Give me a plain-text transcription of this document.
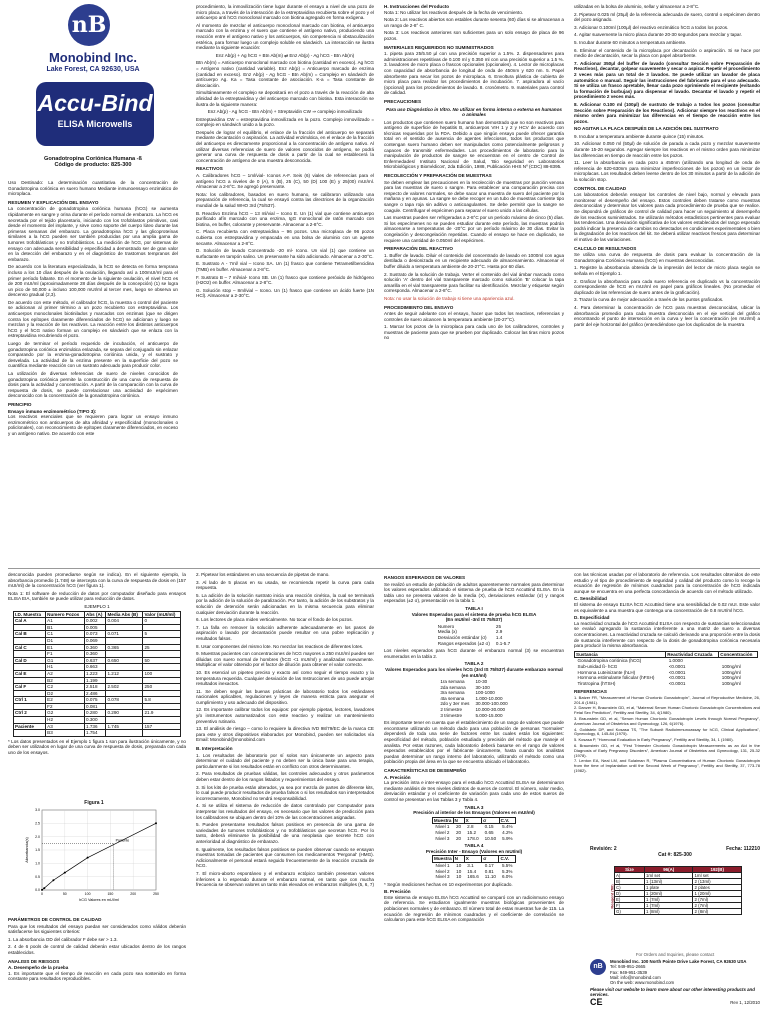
nB
Monobind Inc.
Lake Forest, CA 92630, USA
Accu-Bind
ELISA Microwells
Gonadotropina Coriónica Humana -ß
Código de producto: 825-300

Uso Destinado: La determinación cuantitativa de la concentración de Gonadotropina coriónica en suero humano Mediante inmunoensayo enzimático de microplaca.

RESUMEN Y EXPLICACIÓN DEL ENSAYO

La concentración de gonadotropina coriónica humana (hCG) se aumenta rápidamente en sangre y orina durante el período normal de embarazo. La hCG es secretada por el tejido placentario, iniciando con los trofoblastos primitivos, casi desde el momento del implante, y sirve como soporte del cuerpo lúteo durante las primeras semanas del embarazo. La gonadotropina hCG y las glicoproteínas similares a la hCG pueden ser también producidas por una amplia gama de tumores trofoblásticos y no trofoblásticos. La medición de hCG, por sistemas de ensayo con adecuada sensibilidad y especificidad a demostrado ser de gran valor en la detección del embarazo y en el diagnóstico de trastornos tempranos del embarazo.

De acuerdo con la literatura especializada, la hCG se detecta en forma temprana incluso a los 10 días después de la ovulación, llegando así a 100mUI/ml para el primer período faltante. En el momento de la siguiente ovulación, el nivel hCG es de 200 mUI/ml (aproximadamente 28 días después de la concepción) (1) se logra un pico de 50,000 ± incluso 100,000 mUI/ml al tercer mes, luego se observa un descenso gradual (2,3).

De acuerdo con este método, el calibrador hCG, la muestra o control del paciente se adicionan al primer término a un pozo recubierto con estreptavidina. Los anticuerpos monoclonales biotinilados y marcados con enzimas (que se dirigen contra los epítopes claramente diferenciados de hCG) se adicionan y luego se mezclan y la reacción de los reactivos. La reacción entre los distintos anticuerpos hCG y el hCG nativo forman un complejo en sándwich que se enlaza con la estreptavidina recubriendo el pozo.

Luego de terminar el período requerido de incubación, el anticuerpo de gonadotropina coriónica enzimática enlazada, se separa del conjugado sin enlazar comparando por la enzima-gonadotropina coriónica unida, y el sustrato y desvelada. La actividad de la enzima presente en la superficie del pozo se cuantifica mediante reacción con un sustrato adecuado para producir color.

La utilización de diversas referencias de suero de niveles conocidos de gonadotropina coriónica permite la construcción de una curva de respuesta de dosis para la actividad y concentración. A partir de la comparación con la curva de respuesta de dosis, se puede correlacionar una actividad de espécimen desconocido con la concentración de la gonadotropina coriónica.

PRINCIPIO
Ensayo inmuno enzimométrico (TIPO 3):

Los reactivos esenciales que se requieren para lograr un ensayo inmuno enzimométrico son anticuerpos de alta afinidad y especificidad (monoclonales o policlonales), con reconocimiento de epítopes claramente diferenciados, en exceso y un antígeno nativo. De acuerdo con este

procedimiento, la inmovilización tiene lugar durante el ensayo a nivel de una pozo de micro placa, a través de la interacción de la estreptavidina recubierta sobre el pozo y el anticuerpo anti hCG monoclonal marcado con biotina agregado en forma exógena.

Al momento de mezclar el anticuerpo monoclonal marcado con biotina, el anticuerpo marcado con la enzima y el suero que contiene el antígeno nativo, produciendo una reacción entre el antígeno nativo y los anticuerpos, sin competencia ni obstaculización estérica, para formar luego un complejo soluble en sándwich. La interacción se ilustra mediante la siguiente ecuación:

Enz Ab(p) + Ag hCG + Btn Ab(m) ⇄ Enz Ab(p) - Ag hCG - Btn Ab(m)

Btn Ab(m) = Anticuerpo monoclonal marcado con biotina (cantidad en exceso). Ag hCG = Antígeno nativo (cantidad variable). Enz Ab(p) = Anticuerpo marcado de enzima (cantidad en exceso). Enz Ab(p) - Ag hCG - Btn Ab(m) = Complejo en sándwich de antícuerpo Ag. Ka = Tasa constante de asociación. K-a = Tasa constante de disociación.

Simultáneamente el complejo se depositará en el pozo a través de la reacción de alta afinidad de la estreptavidina y del anticuerpo marcado con biotina. Esta interacción se ilustra de la siguiente manera:

Enz Ab(p) - Ag hCG - Btn Ab(m) + Streptavidin CW ⇒ complejo inmovilizado

Estreptavidina CW = estreptavidina inmovilizada en la pozo. Complejo inmovilizado = complejo en sándwich unido a la pozo.

Después de lograr el equilibrio, el enlace de la fracción del anticuerpo se separará mediante decantación o aspiración. La actividad enzimática, en el enlace de la fracción del anticuerpo es directamente proporcional a la concentración de antígeno nativo. Al utilizar diversas referencias de suero de valores conocidos de antígeno, se podrá generar una curva de respuesta de dosis a partir de la cual se establecerá la concentración de antígeno de una muestra desconocida.

REACTIVOS

A. Calibradores hCG – 1ml/vial- Iconos A-F. Seis (6) viales de referencias para el antígeno hCG a niveles de 0 (A), 5 (B), 25 (C), 50 (D) 100 (E) y 25(00) mUI/ml. Almacenar a 2-8°C. Se agregó preservante.

Nota: los calibradores, basados en suero humano, se calibraron utilizando una preparación de referencia, la cual se ensayó contra las directrices de la organización mundial de la salud WHO 3rd (75/537).

B. Reactivo Enzima hCG – 13 ml/vial – Icono E. Un (1) vial que contiene anticuerpo purificado afín marcado con una enzima, IgG monoclonal de ratón marcado con biotina, en buffer, colorante y preservante. Almacenar a 2-8°C.

C. Placa recubierta con estreptavidina – 96 pozos. Una microplaca de 96 pozos cubierta con estreptavidina y empacada en una bolsa de aluminio con un agente secante. Almacenar a 2-8°C.

D. Solución de lavado Concentrado -20 ml- Icono. Un vial (1) que contiene un surfactante en tampón salino. Un preservante ha sido adicionado. Almacenar a 2-30°C.

E. Sustrato A - 7ml/ vial – Icono SA. Un (1) frasco que contiene Tetrametilbencidina (TMB) en buffer. Almacenar a 2-8°C.

F. Sustrato B – 7 ml/vial- Icono SB. Un (1) frasco que contiene peróxido de hidrógeno (H2O2) en buffer. Almacenar a 2-8°C.

G. Solución stop – 8ml/vial – Icono. Un (1) frasco que contiene un ácido fuerte (1N HCl). Almacenar a 2-30°C.

H. Instrucciones del Producto

Nota 1: No utilizar los reactivos después de la fecha de vencimiento.

Nota 2: Los reactivos abiertos son estables durante sesenta (60) días si se almacenan a un rango de 2-8° C.

Nota 3: Los reactivos anteriores son suficientes para un solo ensayo de placa de 96 pozos.

MATERIALES REQUERIDOS NO SUMINISTRADOS

1. pipeta para 25/5.50 µl con una precisión superior a 1.5%. 2. dispensadores para administraciones repetitivas de 0.100 ml y 0.350 ml con una precisión superior a 1.5 %. 3. lavadores de micro placa o frascos opcionales (opcionales). 4. Lector de microplacas con capacidad de absorbancia de longitud de onda de 450nm y 620 nm. 5. Papel absorbente para secar los pozos de microplaca. 6. Envoltura plástica de cubierta de micro placa para realizar los procedimientos de incubación. 7. aspiradora al vacío (opcional) para los procedimientos de lavado. 8. cronómetro. 9. materiales para control de calidad.

PRECAUCIONES
Para uso Diagnóstico in Vitro. No utilizar en forma interna o externa en humanos o animales

Los productos que contienen suero humano han demostrado que no son reactivos para antígeno de superficie de hepatitis B, anticuerpos VIH 1 y 2 y HCV de acuerdo con técnicas requeridas por la FDA. Debido a que ningún ensayo puede ofrecer garantía total en el sentido de ausencia de agentes infecciosos, todos los productos que contengan suero humano deben ser manipulados como potencialmente peligrosos y capaces de transmitir enfermedades. Los procedimientos de laboratorio para la manipulación de productos de sangre se encuentran en el centro de Control de Enfermedades/ Instituto Nacional de Salud, 'Bio seguridad en Laboratorios Microbiológicos y Biomédicos', 2da Edición, 1988, Publicación HHS Nº (CDC) 88-8395.

RECOLECCIÓN Y PREPARACIÓN DE MUESTRAS

Se deben emplear las precauciones en la recolección de muestras por punción venosa para las muestras de suero o sangre. Para establecer una comparación precisa con respecto de valores normales, se debe sacar una muestra de suero del paciente por la mañana y en ayunas. La sangre se debe recoger en un tubo de muestras corriente tipo sangre o tapa roja sin aditivo o anticoagulantes. Se debe permitir que la sangre se coagule. Centrifugar el espécimen para separar el suero unido a las células.

Las muestras pueden ser refrigeradas a 2-8°C por un período máximo de cinco (5) días. Si los especímenes no se pueden estudiar durante este período, las muestras podrán almacenarse a temperaturas de -20°C por un período máximo de 30 días. Evitar la congelación y descongelación repetidas. Cuando el ensayo se hace en duplicado, se requiere una cantidad de 0.050ml del espécimen.

PREPARACIÓN DEL REACTIVO

1. Buffer de lavado. Diluir el contenido del concentrado de lavado en 1000ml con agua destilada o desionizada en un recipiente adecuado de almacenamiento. Almacenar el buffer diluido a temperatura ambiente de 20-27°C. Hasta por 60 días.

2. Sustrato de la solución de trabajo. Verter el contenido del vial ámbar marcado como solución 'A' dentro del vial transparente marcado como solución 'B' colocar la tapa amarilla en el vial transparente para facilitar su identificación. Mezclar y etiquetar según corresponda. Almacenar a 2-8°C.

Nota: no usar la solución de trabajo si tiene una apariencia azul.

PROCEDIMIENTO DEL ENSAYO

Antes de seguir adelante con el ensayo, hacer que todos los reactivos, referencias y controles de suero alcancen la temperatura ambiente (20-27°C).

1. Marcar los pozos de la microplaca para cada uno de los calibradores, controles y muestras de paciente para que se prueben por duplicado. Colocar las tiras micro pozos no

utilizadas en la bolsa de aluminio, sellar y almacenar a 2-8°C.

2. Pipetear 0.025 ml (25µl) de la referencia adecuada de suero, control o espécimen dentro del pozo asignado.

3. Adicionar 0.100ml (100µl) del reactivo enzimático hCG a todos los pozos.

4. Agitar suavemente la micro placa durante 20-30 segundos para mezclar y tapar.

5. Incubar durante 60 minutos a temperatura ambiente.

6. Eliminar el contenido de la microplaca por decantación o aspiración. Si se hace por medio de decantación, secar la placa con papel absorbente.

7. Adicionar 350µl del buffer de lavado (consultar Sección sobre Preparación de Reactivos), decantar, golpear suavemente y secar o aspirar. Repetir el procedimiento 2 veces más para un total de 3 lavados. Se puede utilizar un lavador de placa automático o manual. Seguir las instrucciones del fabricante para el uso adecuado. Si se utiliza un frasco apretable, llenar cada pozo oprimiendo el recipiente (evitando la formación de burbujas) para dispensar el lavado. Decantar el lavado y repetir el procedimiento 2 veces más.

8. Adicionar 0.100 ml (100µl) de sustrato de trabajo a todos los pozos (consultar Sección sobre Preparación de los Reactivos). Adicionar siempre los reactivos en el mismo orden para minimizar las diferencias en el tiempo de reacción entre los pozos.

NO AGITAR LA PLACA DESPUÉS DE LA ADICIÓN DEL SUSTRATO

9. Incubar a temperatura ambiente durante quince (15) minutos.

10. Adicionar 0.050 ml (50µl) de solución de parada a cada pozo y mezclar suavemente durante 15-20 segundos. Agregar siempre los reactivos en el mismo orden para minimizar las diferencias en tiempo de reacción entre los pozos.

11. Leer la absorbancia en cada pozo a 450nm (utilizando una longitud de onda de referencia de 620-630nm para minimizar imperfecciones de los pozos) en un lector de microplacas. Los resultados deben leerse dentro de los 30 minutos a partir de la adición de la solución stop.

CONTROL DE CALIDAD

Los laboratorios deberán ensayar los controles de nivel bajo, normal y elevado para monitorear el desempeño del ensayo. Estos controles deben tratarse como muestras desconocidas y determinar los valores para cada procedimiento de prueba que se realice. Se dispondrá de gráficos de control de calidad para hacer un seguimiento al desempeño de los reactivos suministrados. Se utilizarán métodos estadísticos pertinentes para evaluar las tendencias. Una desviación significativa de los valores establecidos del rango esperado podrá indicar la presencia de cambios no detectados en condiciones experimentales o bien la degradación de los reactivos del kit. Se deberá utilizar reactivos frescos para determinar el motivo de las variaciones.

CALCULO DE RESULTADOS

Se utiliza una curva de respuesta de dosis para evaluar la concentración de la Gonadotropina Coriónica Humana (hCG) en muestras desconocidas.

1. Registre la absorbancia obtenida de la impresión del lector de micro placa según se señala en el Ejemplo 1.

2. Graficar la absorbancia para cada suero referencia en duplicado vs la concentración correspondiente de hCG en mUI/ml en papel para gráficos lineales. (No promediar el duplicado de las referencias de suero antes de la graficación).

3. Trazar la curva de mejor adecuación a través de los puntos graficados.

4. Para determinar la concentración de hCG para muestras desconocidas, ubicar la absorbancia promedio para cada muestra desconocida en el eje vertical del gráfico encontrando el punto de intersección en la curva y leer la concentración (en mUI/ml) a partir del eje horizontal del gráfico (entendiéndose que los duplicados de la muestra

desconocida pueden promediarse según se indica). En el siguiente ejemplo, la absorbancia promedio (1.748) se intercepta con la curva de respuesta de dosis en (157 mUI/ml) de la concentración hCG (ver figura 1).

Nota 1: El software de reducción de datos por computador diseñado para ensayos ELISA EIA, también se puede utilizar para reducción de datos.

EJEMPLO 1
I.D. Muestra	Numero Pozos	Abs (A)	Media Abs (B)	Valor (mUI/ml)
Cal A	A1	0.002	0.004	0
	B1	0.005		
Cal B	C1	0.073	0.071	5
	D1	0.069		
Cal C	E1	0.360	0.365	25
	F1	0.360		
Cal D	G1	0.637	0.650	50
	H1	0.663		
Cal E	A2	1.223	1.212	100
	B2	1.199		
Cal F	C2	2.518	2.502	250
	D2	2.486		
Ctrl 1	E2	0.075	0.078	5.8
	F2	0.081		
Ctrl 2	G2	0.280	0.290	21.9
	H2	0.300		
Paciente	A3	1.736	1.745	157
	B3	1.754		

* Los datos presentados en el Ejemplo 1 figura 1 son para ilustración únicamente, y no deben ser utilizados en lugar de una curva de respuesta de dosis, preparada con cada uno de los ensayos.

Figura 1
0.0
0.5
1.0
1.5
2.0
2.5
3.0
0	50	100	150	200	250
Paciente
hCG Valores en mUI/ml
Absorbancia(s)
PARÁMETROS DE CONTROL DE CALIDAD

Para que los resultados del ensayo puedan ser considerados como válidos deberán satisfacerse los siguientes criterios:

1. La absorbancia OD del calibrador F debe ser > 1.3.

2. 4 de 6 pools de control de calidad deberán estar ubicados dentro de los rangos establecidos.

ANALISIS DE RIESGOS
A. Desempeño de la prueba

1. Es importante que el tiempo de reacción en cada pozo sea sostenido en forma constante para resultados reproducibles.

2. Pipetear los estándares en una secuencia de pipetas de mano.

3. Al lado de 5 placas en su usada, se recomienda repetir la curva para cada respuesta.

5. La adición de la solución sustrato inicia una reacción cinética, la cual se terminará por la adición de la solución de paralización. Por tanto, la adición de los substratos y la solución de detención serán adicionadas en la misma secuencia para eliminar cualquier desviación durante la reacción.

6. Los lectores de placa miden verticalmente. No tocar el fondo de los pozos.

7. La falla en remover la solución adherente adecuadamente en los pasos de aspiración o lavado por decantación puede resultar en una pobre replicación y resultados falsos.

8. Usar componentes del mismo lote. No mezclar los reactivos de diferentes lotes.

9. Muestras pacientes con concentraciones de hCG mayores a 250 mUI/ml pueden ser diluidas con suero normal de hombres (hCG <1 mUI/ml) y analizadas nuevamente. Multiplicar el valor obtenido por el factor de dilución para obtener el valor correcto.

10. Es esencial un pipeteo preciso y exacto así como seguir el tiempo exacto y la temperatura requerida. Cualquier desviación de las Instrucciones de uso puede arrojar resultados inexactos.

11. Se deben seguir las buenas prácticas de laboratorio todos los estándares nacionales aplicables, regulaciones y leyes de manera estricta para asegurar el cumplimiento y uso adecuado del dispositivo.

12. Es importante calibrar todos los equipos: por ejemplo pipetas, lectores, lavadores y/o instrumentos automatizados con este reactivo y realizar un mantenimiento preventivo rutinario.

13. El análisis de riesgo – como lo requiere la directiva IVD 98/79/EC de la marca CE para este y otros dispositivos elaborados por Monobind, pueden ser solicitados vía Email: Monobind@monobind.com

B. Interpretación

1. Los resultados de laboratorio por sí solos son únicamente un aspecto para determinar el cuidado del paciente y no deben ser la única base para una terapia, particularmente si los resultados están en conflicto con otros determinantes.

2. Para resultados de pruebas válidas, los controles adecuados y otros parámetros deben estar dentro de los rangos listados y requerimientos del ensayo.

3. Si los kits de prueba están alterados, ya sea por mezcla de partes de diferente kits, lo cual puede producir resultados de prueba falsos o si los resultados son interpretados incorrectamente, Monobind no tendrá responsabilidad.

4. Si se utiliza el sistema de reducción de datos controlado por Computador para interpretar los resultados del ensayo, es necesario que los valores de predicción para los calibradores se ubiquen dentro del 10% de las concentraciones asignadas.

5. Pueden presentarse resultados falsos positivos en presencia de una gama de variedades de tumores trofoblásticos y no trofoblásticos que secretan hCG. Por lo tanto, deberá eliminarse la posibilidad de una neoplasia que secrete hCG con anterioridad al diagnóstico de embarazo.

6. Igualmente, los resultados falsos positivos se pueden observar cuando se ensayan muestras tomadas de pacientes que consumen los medicamentos 'Pergonal' (HMG). Adicionalmente el personal estará seguido frecuentemente de la reacción cruzada de hCG.

7. El micro-aborto espontáneo y el embarazo ectópico también presentan valores inferiores a lo esperado durante el embarazo normal, en tanto que con mucha frecuencia se observan valores un tanto más elevados en embarazos múltiples (5, 6, 7)

RANGOS ESPERADOS DE VALORES

Se realizó un estudio de población de adultos aparentemente normales para determinar los valores esperados utilizando el sistema de prueba de hCG AccuBind ELISA. En la tabla uno se presenta valores de la media (X), desviaciones estándar (σ) y rangos esperados (±2 σ), presentación en la tabla 1.

TABLA I
Valores Esperados para el sistema de prueba hCG ELISA
(En mUI/ml -3rd IS 75/537)
Numero	25
Media (x)	2.9
Desviación estándar (σ)	1.4
Rangos esperados (±2 σ)	0.1-5.7

Los niveles esperados para hCG durante el embarazo normal (3) se encuentran enumerados en la tabla 2.

TABLA 2
Valores Esperados para los niveles hCG (3rd IS 75/537) durante embarazo normal (en mUI/ml)
1ra semana	10-30
2da semana	30-100
3ra semana	100-1000
4ta semana	1.000-10.000
2do y 3er mes	30.000-100.000
2 trimestre	10.000-30.000
3 trimestre	5.000-15.000

Es importante tener en cuenta que el establecimiento de un rango de valores que puede encontrarse utilizando un método dado para una población de personas "normales" dependerá de toda una serie de factores entre los cuales están los siguientes: especificidad del método, población estudiada y precisión del método que maneje el analista. Por estas razones, cada laboratorio deberá basarse en el rango de valores esperados establecidos por el fabricante únicamente, hasta cuando los analistas puedan determinar un rango interno del laboratorio, utilizando el método como una población propia del área en la que se encuentra ubicado el laboratorio.

CARACTERÍSTICAS DE DESEMPEÑO
A. Precisión

La precisión intra e inter-ensayo para el estudio hCG AccuBind ELISA se determinaron mediante análisis de tres niveles distintos de sueros de control. El número, valor medio, desviación estándar y el coeficiente de variación para cada uno de estos sueros de control se presentan en las Tablas 3 y Tabla 4.

TABLA 3
Precisión al interior de los Ensayos (Valores en mUI/ml)
Muestra	N	X	σ	C.V.
Nivel 1	20	2.8	0.15	5.4%
Nivel 2	20	15.2	0.65	4.2%
Nivel 3	20	178.0	10.50	5.9%
TABLA 4
Precisión Inter - Ensayo (Valores en mUI/ml)
Muestra	N	X	σ	C.V.
Nivel 1	10	3.1	0.17	5.5%
Nivel 2	10	15.4	0.81	5.3%
Nivel 3	10	165.6	11.10	6.0%

* Según mediciones hechas en 10 experimentos por duplicado.

B. Precisión

Este sistema de ensayo ELISA hCG AccuBind se comparó con un radioinmuno ensayo de referencia. Se estudiaron igualmente muestras biológicas provenientes de poblaciones normales y de embarazo. El número total de estas muestras fue de 115. La ecuación de regresión de mínimos cuadrados y el coeficiente de correlación se calcularon para este hCG ELISA en comparación

con las técnicas usadas por el laboratorio de referencia. Los resultados obtenidos de este estudio y el tipo de procedimiento de seguridad y calidad del producto como lo recoge la ecuación de regresión de mínimos cuadrados para la concentración de hCG indicada aunque se encuentra en una perfecta concordancia de acuerdo con el método utilizado.

C. Sensibilidad

El sistema de ensayo ELISA hCG AccuBind tiene una sensibilidad de 0.02 mUI. Este valor es equivalente a una muestra que contenga una concentración de 0.8 mUI/ml hCG.

D. Especificidad

La reactividad cruzada de hCG AccuBind ELISA con respecto de sustancias seleccionadas se evaluó agregando la sustancia interferente a una matriz de suero a diversas concentraciones. La reactividad cruzada se calculó derivando una proporción entre la dosis de sustancia interferente con respecto de la dosis de gonadotropina coriónica necesaria para producir la misma absorbancia.

Sustancia	Reactividad Cruzada	Concentración
Gonadotropina coriónica (hCG)	1.0000	
Sub-unidad ß- hCG	<0.0001	100ng/ml
Hormona Luteinizante (hLH)	<0.0001	100ng/ml
Hormona estimulante folicular (hFSH)	<0.0001	100ng/ml
Tirotropina (hTSH)	<0.0001	100ng/ml
REFERENCIAS

1. Batzer FR, "Measurement of Human Chorionic Gonadotropin", Journal of Reproductive Medicine, 26, 201-6 (1981).

2. Danzer H, Braunstein GD, et al, "Maternal Serum Human Chorionic Gonadotropin Concentrations and Fetal Sex Prediction", Fertility and Sterility, 34, 4(1980).

3. Braunstein GD, et al, "Serum Human Chorionic Gonadotropin Levels through Normal Pregnancy", American Journal of Obstetrics and Gynecology, 126, 6(1976).

4. Goldstein DP, and Kosasa TS, "The Subunit Radioimmunoassay for hCG, Clinical Applications", Gynecology, 6, 145-84 (1975).

5. Kosasa P, "Hormonal Evaluation in Early Pregnancy", Fertility and Sterility, 34, 1 (1980).

6. Braunstein GD, et al, "First Trimester Chorionic Gonadotropin Measurements as an Aid in the Diagnosis of Early Pregnancy Disorders", American Journal of Obstetrics and Gynecology, 131, 25-32 (1978).

7. Lenton EA, Neal LM, and Sulaiman R, "Plasma Concentrations of Human Chorionic Gonadotropin from the time of Implantation until the Second Week of Pregnancy", Fertility and Sterility, 37, 773-78 (1982).

Revisión: 2	Fecha: 112210
Cat #: 825-300
Reagent (fill)
Size	96(A)	192(B)
A)	1ml set	1ml set
B)	1 (13ml)	2 (13ml)
C)	1 plate	2 plates
D)	1 (20ml)	1 (20ml)
E)	1 (7ml)	2 (7ml)
F)	1 (7ml)	2 (7ml)
G)	1 (8ml)	2 (8ml)
For Orders and Inquiries, please contact
nB
Monobind Inc. 100 North Pointe Drive Lake Forest, CA 92630 USA
Tel: 949-951-2665
Fax: 949-951-3539
Mail: info@monobind.com
On the web: www.monobind.com
Please visit our website to learn more about our other interesting products and services.
CE	Rev 1, 12/2010
